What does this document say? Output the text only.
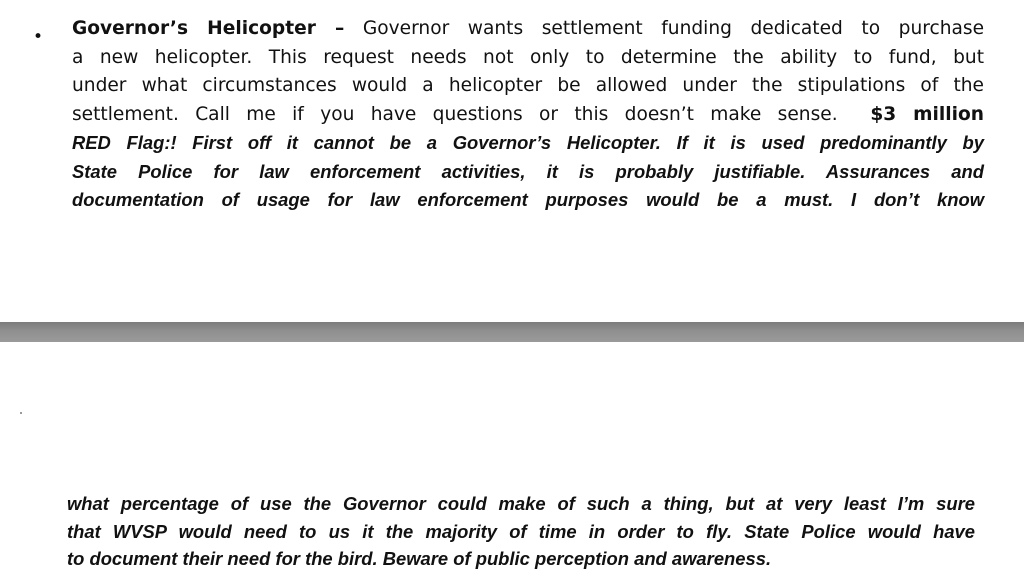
• Governor’s Helicopter – Governor wants settlement funding dedicated to purchase
a new helicopter. This request needs not only to determine the ability to fund, but
under what circumstances would a helicopter be allowed under the stipulations of the
settlement. Call me if you have questions or this doesn’t make sense. $3 million
RED Flag:! First off it cannot be a Governor’s Helicopter. If it is used predominantly by
State Police for law enforcement activities, it is probably justifiable. Assurances and
documentation of usage for law enforcement purposes would be a must. I don’t know
what percentage of use the Governor could make of such a thing, but at very least I’m sure
that WVSP would need to us it the majority of time in order to fly. State Police would have
to document their need for the bird. Beware of public perception and awareness.
